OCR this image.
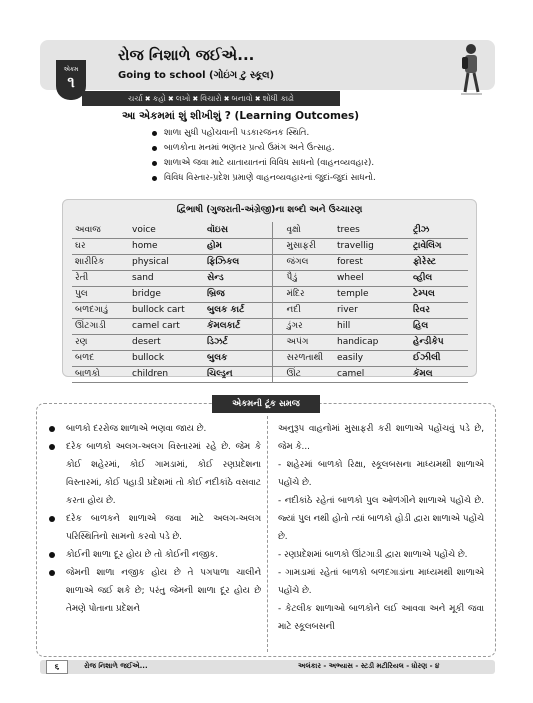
એકમ
૧
રોજ નિશાળે જઈએ...
Going to school (ગોઇંગ ટુ સ્કૂલ)
ચર્ચા ✖ કહો ✖ લખો ✖ વિચારો ✖ બનાવો ✖ શોધી કાઢો
આ એકમમાં શું શીખીશું ? (Learning Outcomes)
શાળા સુધી પહોંચવાની પડકારજનક સ્થિતિ.
બાળકોના મનમાં ભણતર પ્રત્યે ઉમંગ અને ઉત્સાહ.
શાળાએ જવા માટે યાતાયાતનાં વિવિધ સાધનો (વાહનવ્યવહાર).
વિવિધ વિસ્તાર-પ્રદેશ પ્રમાણે વાહનવ્યવહારનાં જુદાં-જુદાં સાધનો.
દ્વિભાષી (ગુજરાતી-અંગ્રેજી)ના શબ્દો અને ઉચ્ચારણ
અવાજ	voice	વૉઇસ	વૃક્ષો	trees	ટ્રીઝ
ઘર	home	હોમ	મુસાફરી	travellig	ટ્રાવેલિંગ
શારીરિક	physical	ફિઝિકલ	જંગલ	forest	ફોરેસ્ટ
રેતી	sand	સેન્ડ	પૈડું	wheel	વ્હીલ
પુલ	bridge	બ્રિજ	મંદિર	temple	ટેમ્પલ
બળદગાડું	bullock cart	બુલક કાર્ટ	નદી	river	રિવર
ઊંટગાડી	camel cart	કૅમલકાર્ટ	ડુંગર	hill	હિલ
રણ	desert	ડિઝર્ટ	અપંગ	handicap	હેન્ડીકેપ
બળદ	bullock	બુલક	સરળતાથી	easily	ઈઝીલી
બાળકો	children	ચિલ્ડ્રન	ઊંટ	camel	કૅમલ
એકમની ટૂંક સમજ
બાળકો દરરોજ શાળાએ ભણવા જાય છે.
દરેક બાળકો અલગ-અલગ વિસ્તારમાં રહે છે. જેમ કે કોઈ શહેરમાં, કોઈ ગામડામાં, કોઈ રણપ્રદેશના વિસ્તારમાં, કોઈ પહાડી પ્રદેશમાં તો કોઈ નદીકાંઠે વસવાટ કરતા હોય છે.
દરેક બાળકને શાળાએ જવા માટે અલગ-અલગ પરિસ્થિતિનો સામનો કરવો પડે છે.
કોઈની શાળા દૂર હોય છે તો કોઈની નજીક.
જેમની શાળા નજીક હોય છે તે પગપાળા ચાલીને શાળાએ જઈ શકે છે; પરંતુ જેમની શાળા દૂર હોય છે તેમણે પોતાના પ્રદેશને

અનુરૂપ વાહનોમાં મુસાફરી કરી શાળાએ પહોંચવું પડે છે, જેમ કે...

- શહેરમાં બાળકો રિક્ષા, સ્કૂલબસના માધ્યમથી શાળાએ પહોંચે છે.

- નદીકાંઠે રહેતાં બાળકો પુલ ઓળંગીને શાળાએ પહોંચે છે. જ્યાં પુલ નથી હોતો ત્યાં બાળકો હોડી દ્વારા શાળાએ પહોંચે છે.

- રણપ્રદેશમાં બાળકો ઊંટગાડી દ્વારા શાળાએ પહોંચે છે.

- ગામડામાં રહેતાં બાળકો બળદગાડાંના માધ્યમથી શાળાએ પહોંચે છે.

- કેટલીક શાળાઓ બાળકોને લઈ આવવા અને મૂકી જવા માટે સ્કૂલબસની

૬	રોજ નિશાળે જઈએ...	અલંકાર - અભ્યાસ - સ્ટડી મટીરિયલ - ધોરણ - ૪
